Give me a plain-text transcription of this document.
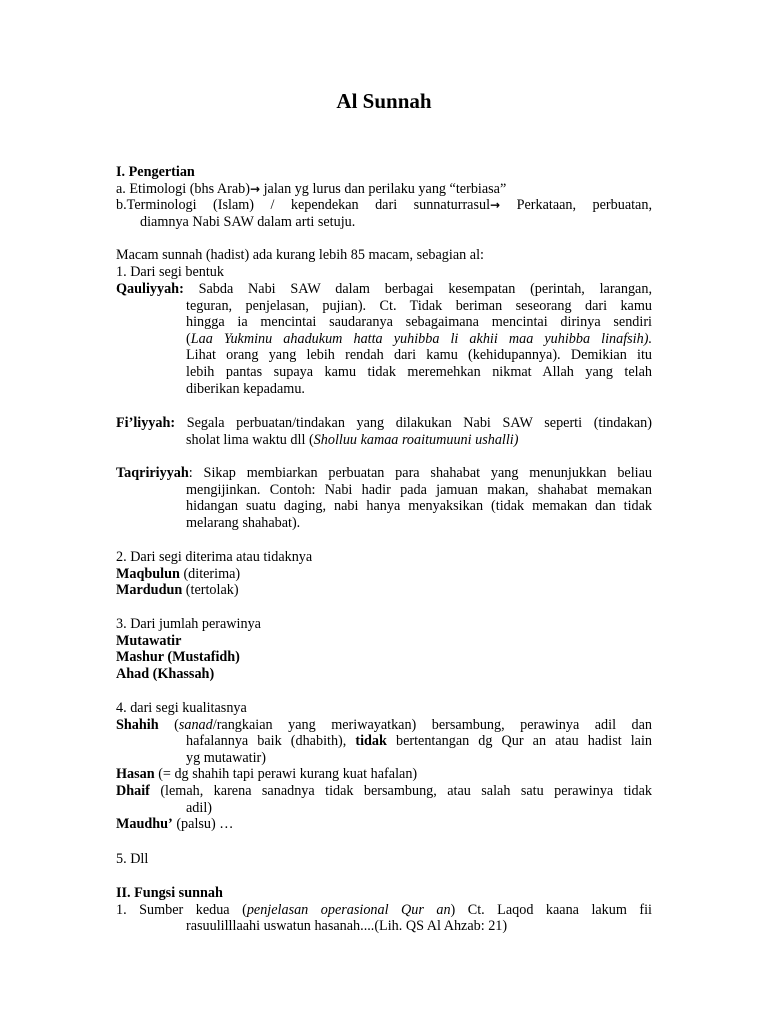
Al Sunnah
I. Pengertian
a. Etimologi (bhs Arab)→ jalan yg lurus dan perilaku yang “terbiasa”
b.Terminologi (Islam) / kependekan dari sunnaturrasul→ Perkataan, perbuatan,
diamnya Nabi SAW dalam arti setuju.
Macam sunnah (hadist) ada kurang lebih 85 macam, sebagian al:
1. Dari segi bentuk
Qauliyyah: Sabda Nabi SAW dalam berbagai kesempatan (perintah, larangan,
teguran, penjelasan, pujian). Ct. Tidak beriman seseorang dari kamu
hingga ia mencintai saudaranya sebagaimana mencintai dirinya sendiri
(Laa Yukminu ahadukum hatta yuhibba li akhii maa yuhibba linafsih).
Lihat orang yang lebih rendah dari kamu (kehidupannya). Demikian itu
lebih pantas supaya kamu tidak meremehkan nikmat Allah yang telah
diberikan kepadamu.
Fi’liyyah: Segala perbuatan/tindakan yang dilakukan Nabi SAW seperti (tindakan)
sholat lima waktu dll (Sholluu kamaa roaitumuuni ushalli)
Taqririyyah: Sikap membiarkan perbuatan para shahabat yang menunjukkan beliau
mengijinkan. Contoh: Nabi hadir pada jamuan makan, shahabat memakan
hidangan suatu daging, nabi hanya menyaksikan (tidak memakan dan tidak
melarang shahabat).
2. Dari segi diterima atau tidaknya
Maqbulun (diterima)
Mardudun (tertolak)
3. Dari jumlah perawinya
Mutawatir
Mashur (Mustafidh)
Ahad (Khassah)
4. dari segi kualitasnya
Shahih (sanad/rangkaian yang meriwayatkan) bersambung, perawinya adil dan
hafalannya baik (dhabith), tidak bertentangan dg Qur an atau hadist lain
yg mutawatir)
Hasan (= dg shahih tapi perawi kurang kuat hafalan)
Dhaif (lemah, karena sanadnya tidak bersambung, atau salah satu perawinya tidak
adil)
Maudhu’ (palsu) …
5. Dll
II. Fungsi sunnah
1. Sumber kedua (penjelasan operasional Qur an) Ct. Laqod kaana lakum fii
rasuulilllaahi uswatun hasanah....(Lih. QS Al Ahzab: 21)
